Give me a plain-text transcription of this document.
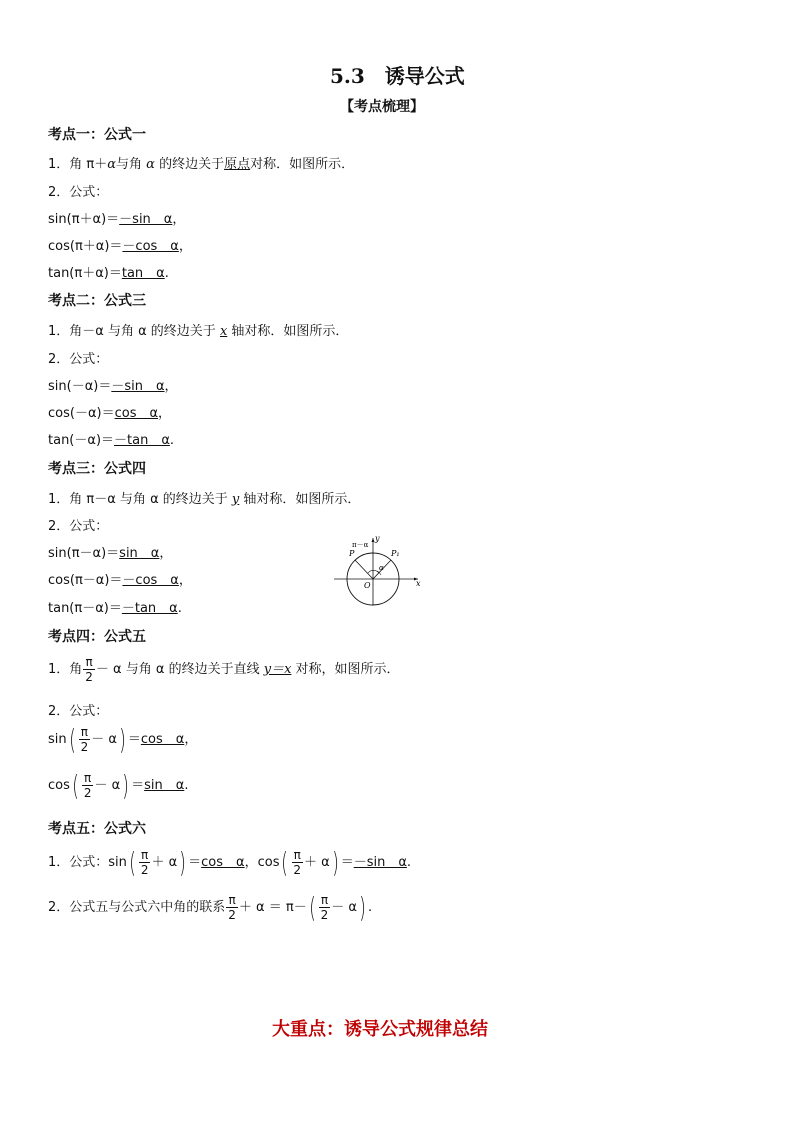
5.3　诱导公式
【考点梳理】
考点一：公式一
1．角 π＋α与角 α 的终边关于原点对称．如图所示．
2．公式：
sin(π＋α)＝－sin　α，
cos(π＋α)＝－cos　α，
tan(π＋α)＝tan　α.
考点二：公式三
1．角－α 与角 α 的终边关于 x 轴对称．如图所示．
2．公式：
sin(－α)＝－sin　α，
cos(－α)＝cos　α，
tan(－α)＝－tan　α.
考点三：公式四
1．角 π－α 与角 α 的终边关于 y 轴对称．如图所示．
2．公式：
sin(π－α)＝sin　α，
cos(π－α)＝－cos　α，
tan(π－α)＝－tan　α.
P	P₁
O	x
y
π－α
α
考点四：公式五
1．角 $\frac{\pi}{2} - \alpha$ 与角 α 的终边关于直线 y＝x 对称，如图所示．
2．公式：
$\sin( \frac{\pi}{2} - \alpha) =\cos$　α，
$\cos( \frac{\pi}{2} - \alpha) =\sin$　α.
考点五：公式六
1．公式：$\sin( \frac{\pi}{2} + \alpha) =\cos$　α，$\cos( \frac{\pi}{2} + \alpha) =-\sin$　α.
2．公式五与公式六中角的联系 $\frac{\pi}{2} + \alpha = \pi-( \frac{\pi}{2} - \alpha)$ .
大重点：诱导公式规律总结
